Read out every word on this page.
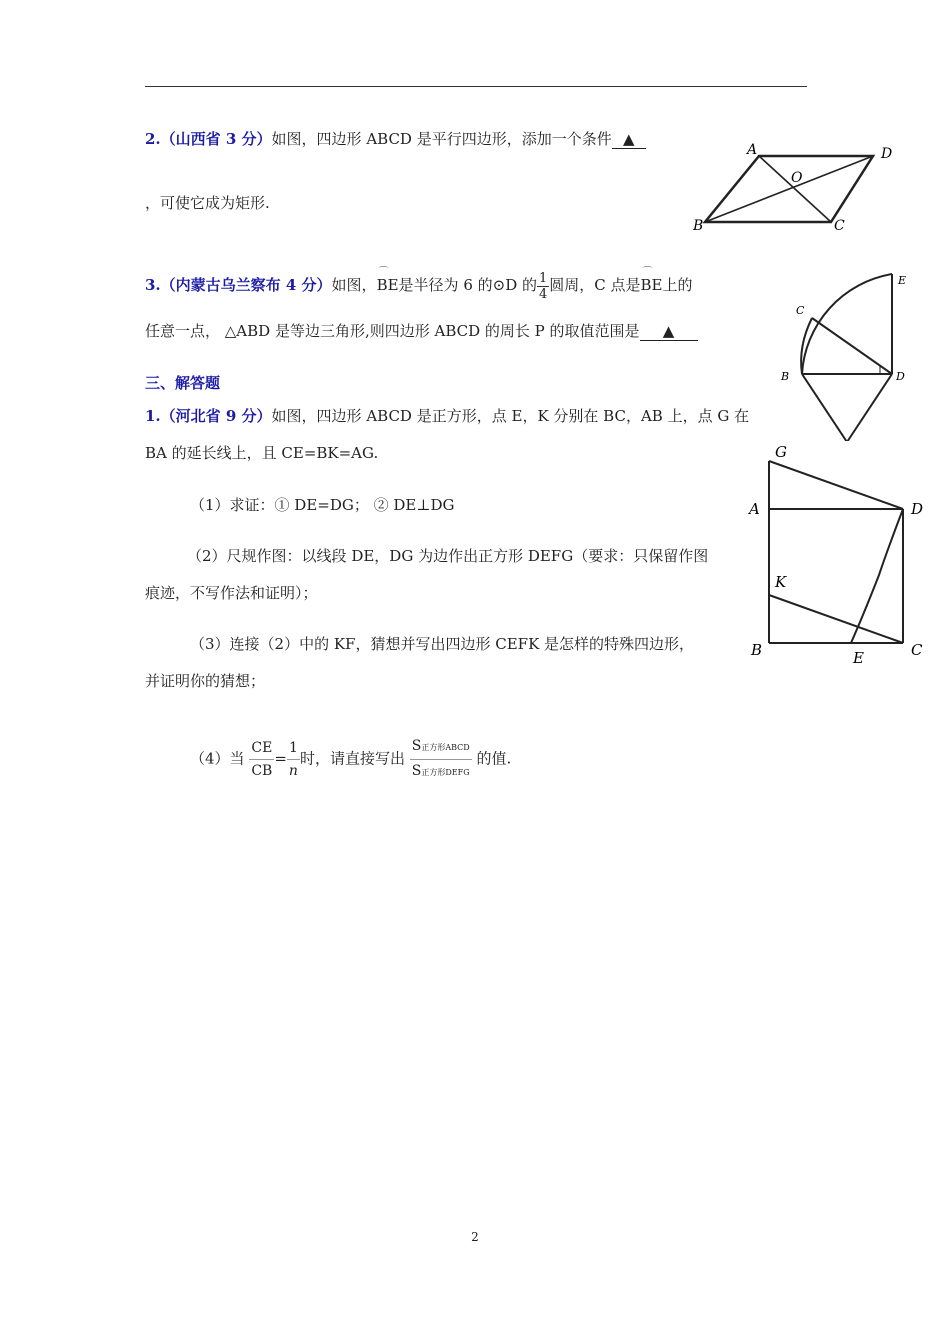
2.（山西省 3 分）如图，四边形 ABCD 是平行四边形，添加一个条件 ▲
，可使它成为矩形.
A	D
O
B	C
3.（内蒙古乌兰察布 4 分）如图，
⌒
BE是半径为 6 的⊙D 的 $\frac{1}{4}$ 圆周，C 点是
⌒
BE上的
任意一点， △ABD 是等边三角形,则四边形 ABCD 的周长 P 的取值范围是 ▲
E
C
B	D
三、解答题
1.（河北省 9 分）如图，四边形 ABCD 是正方形，点 E，K 分别在 BC，AB 上，点 G 在
BA 的延长线上，且 CE=BK=AG.
（1）求证：① DE=DG； ② DE⊥DG
（2）尺规作图：以线段 DE，DG 为边作出正方形 DEFG（要求：只保留作图
痕迹，不写作法和证明）；
（3）连接（2）中的 KF，猜想并写出四边形 CEFK 是怎样的特殊四边形，
并证明你的猜想；
（4）当 $\frac{CE}{CB} = \frac{1}{n}$ 时，请直接写出 $\frac{\text{S正方形ABCD}}{\text{S正方形DEFG}}$ 的值.
G
A	D
K
B	E	C
2
